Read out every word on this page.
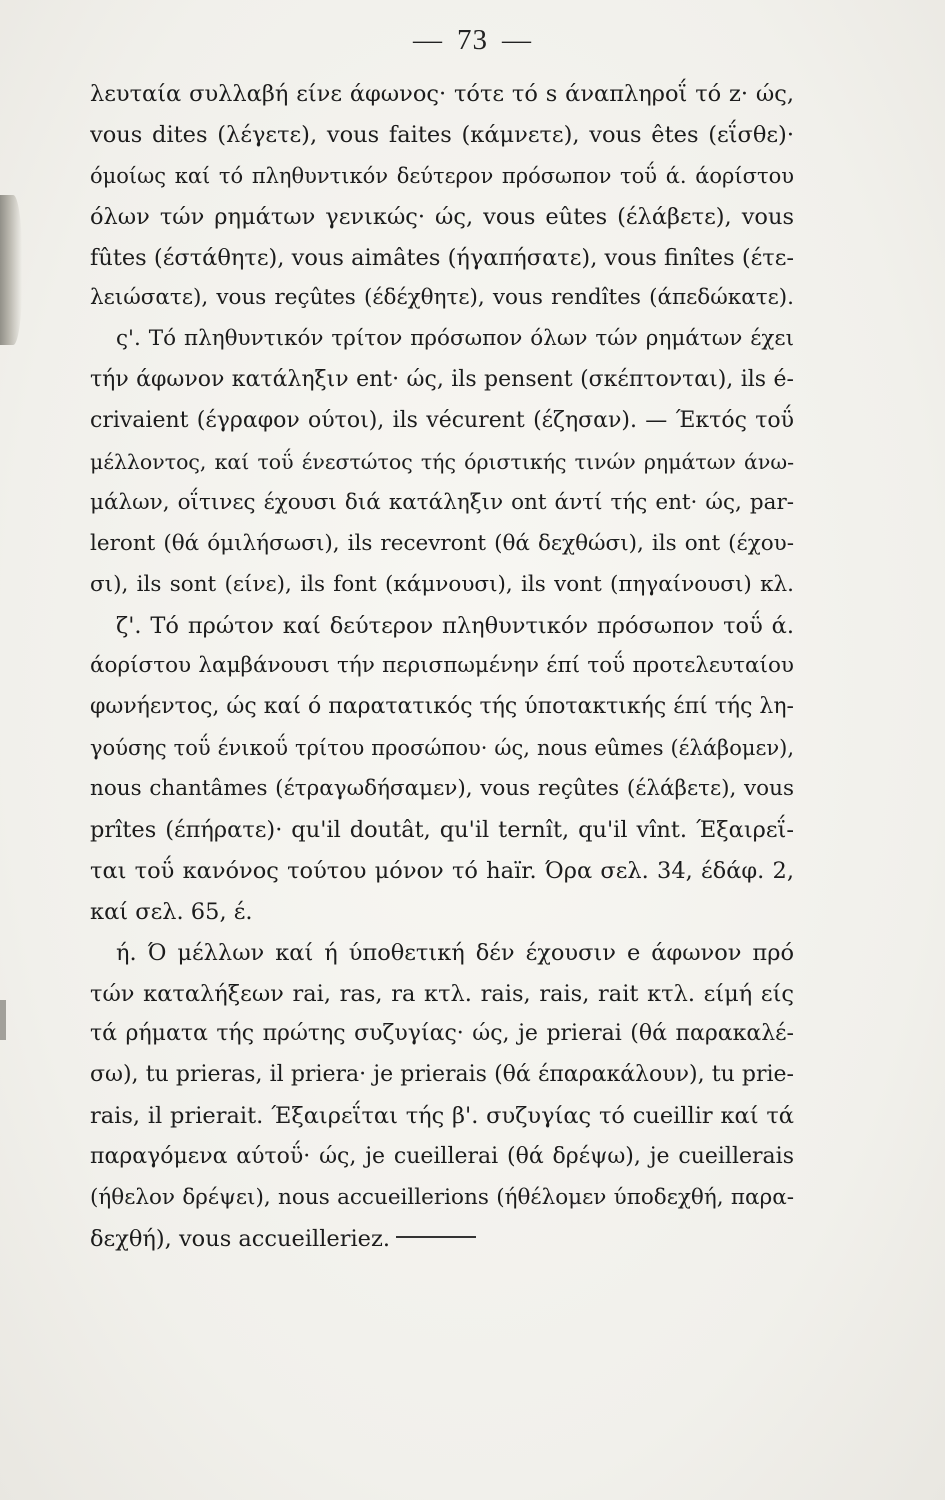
— 73 —
λευταία συλλαβή είνε άφωνος· τότε τό s άναπληροΐ τό z· ώς,
vous dites (λέγετε), vous faites (κάμνετε), vous êtes (εΐσθε)·
όμοίως καί τό πληθυντικόν δεύτερον πρόσωπον τοΰ ά. άορίστου
όλων τών ρημάτων γενικώς· ώς, vous eûtes (έλάβετε), vous
fûtes (έστάθητε), vous aimâtes (ήγαπήσατε), vous finîtes (έτε-
λειώσατε), vous reçûtes (έδέχθητε), vous rendîtes (άπεδώκατε).
ς'. Τό πληθυντικόν τρίτον πρόσωπον όλων τών ρημάτων έχει
τήν άφωνον κατάληξιν ent· ώς, ils pensent (σκέπτονται), ils é-
crivaient (έγραφον ούτοι), ils vécurent (έζησαν). — Έκτός τοΰ
μέλλοντος, καί τοΰ ένεστώτος τής όριστικής τινών ρημάτων άνω-
μάλων, οΐτινες έχουσι διά κατάληξιν ont άντί τής ent· ώς, par-
leront (θά όμιλήσωσι), ils recevront (θά δεχθώσι), ils ont (έχου-
σι), ils sont (είνε), ils font (κάμνουσι), ils vont (πηγαίνουσι) κλ.
ζ'. Τό πρώτον καί δεύτερον πληθυντικόν πρόσωπον τοΰ ά.
άορίστου λαμβάνουσι τήν περισπωμένην έπί τοΰ προτελευταίου
φωνήεντος, ώς καί ό παρατατικός τής ύποτακτικής έπί τής λη-
γούσης τοΰ ένικοΰ τρίτου προσώπου· ώς, nous eûmes (έλάβομεν),
nous chantâmes (έτραγωδήσαμεν), vous reçûtes (έλάβετε), vous
prîtes (έπήρατε)· qu'il doutât, qu'il ternît, qu'il vînt. Έξαιρεΐ-
ται τοΰ κανόνος τούτου μόνον τό haïr. Όρα σελ. 34, έδάφ. 2,
καί σελ. 65, έ.
ή. Ό μέλλων καί ή ύποθετική δέν έχουσιν e άφωνον πρό
τών καταλήξεων rai, ras, ra κτλ. rais, rais, rait κτλ. είμή είς
τά ρήματα τής πρώτης συζυγίας· ώς, je prierai (θά παρακαλέ-
σω), tu prieras, il priera· je prierais (θά έπαρακάλουν), tu prie-
rais, il prierait. Έξαιρεΐται τής β'. συζυγίας τό cueillir καί τά
παραγόμενα αύτοΰ· ώς, je cueillerai (θά δρέψω), je cueillerais
(ήθελον δρέψει), nous accueillerions (ήθέλομεν ύποδεχθή, παρα-
δεχθή), vous accueilleriez.
